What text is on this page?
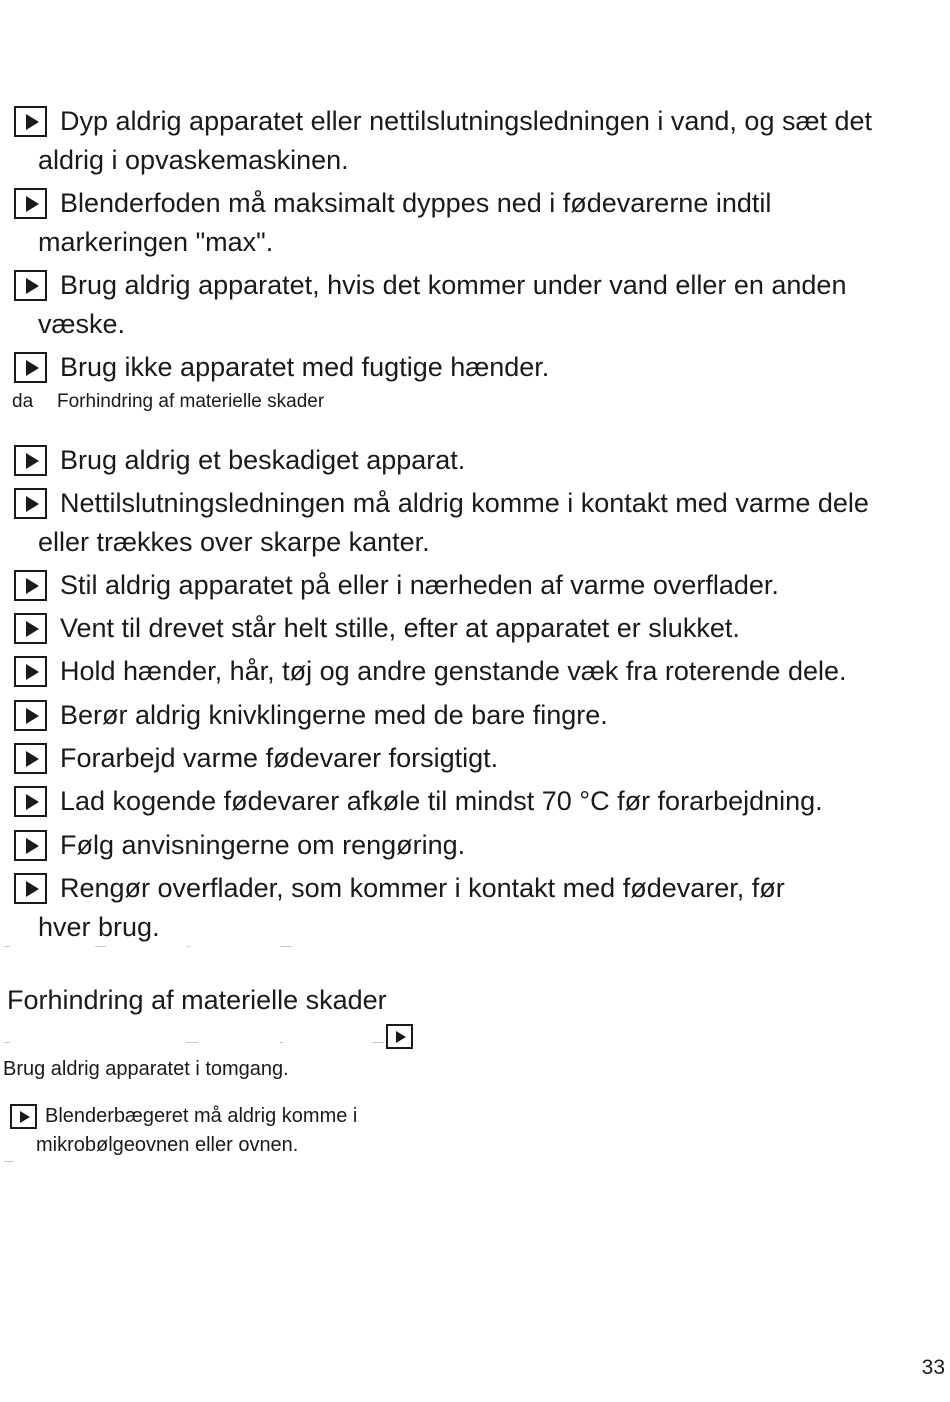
Dyp aldrig apparatet eller nettilslutningsledningen i vand, og sæt det
aldrig i opvaskemaskinen.
Blenderfoden må maksimalt dyppes ned i fødevarerne indtil
markeringen "max".
Brug aldrig apparatet, hvis det kommer under vand eller en anden
væske.
Brug ikke apparatet med fugtige hænder.
da	Forhindring af materielle skader
Brug aldrig et beskadiget apparat.
Nettilslutningsledningen må aldrig komme i kontakt med varme dele
eller trækkes over skarpe kanter.
Stil aldrig apparatet på eller i nærheden af varme overflader.
Vent til drevet står helt stille, efter at apparatet er slukket.
Hold hænder, hår, tøj og andre genstande væk fra roterende dele.
Berør aldrig knivklingerne med de bare fingre.
Forarbejd varme fødevarer forsigtigt.
Lad kogende fødevarer afkøle til mindst 70 °C før forarbejdning.
Følg anvisningerne om rengøring.
Rengør overflader, som kommer i kontakt med fødevarer, før
hver brug.
Forhindring af materielle skader
Brug aldrig apparatet i tomgang.
Blenderbægeret må aldrig komme i
mikrobølgeovnen eller ovnen.
33
